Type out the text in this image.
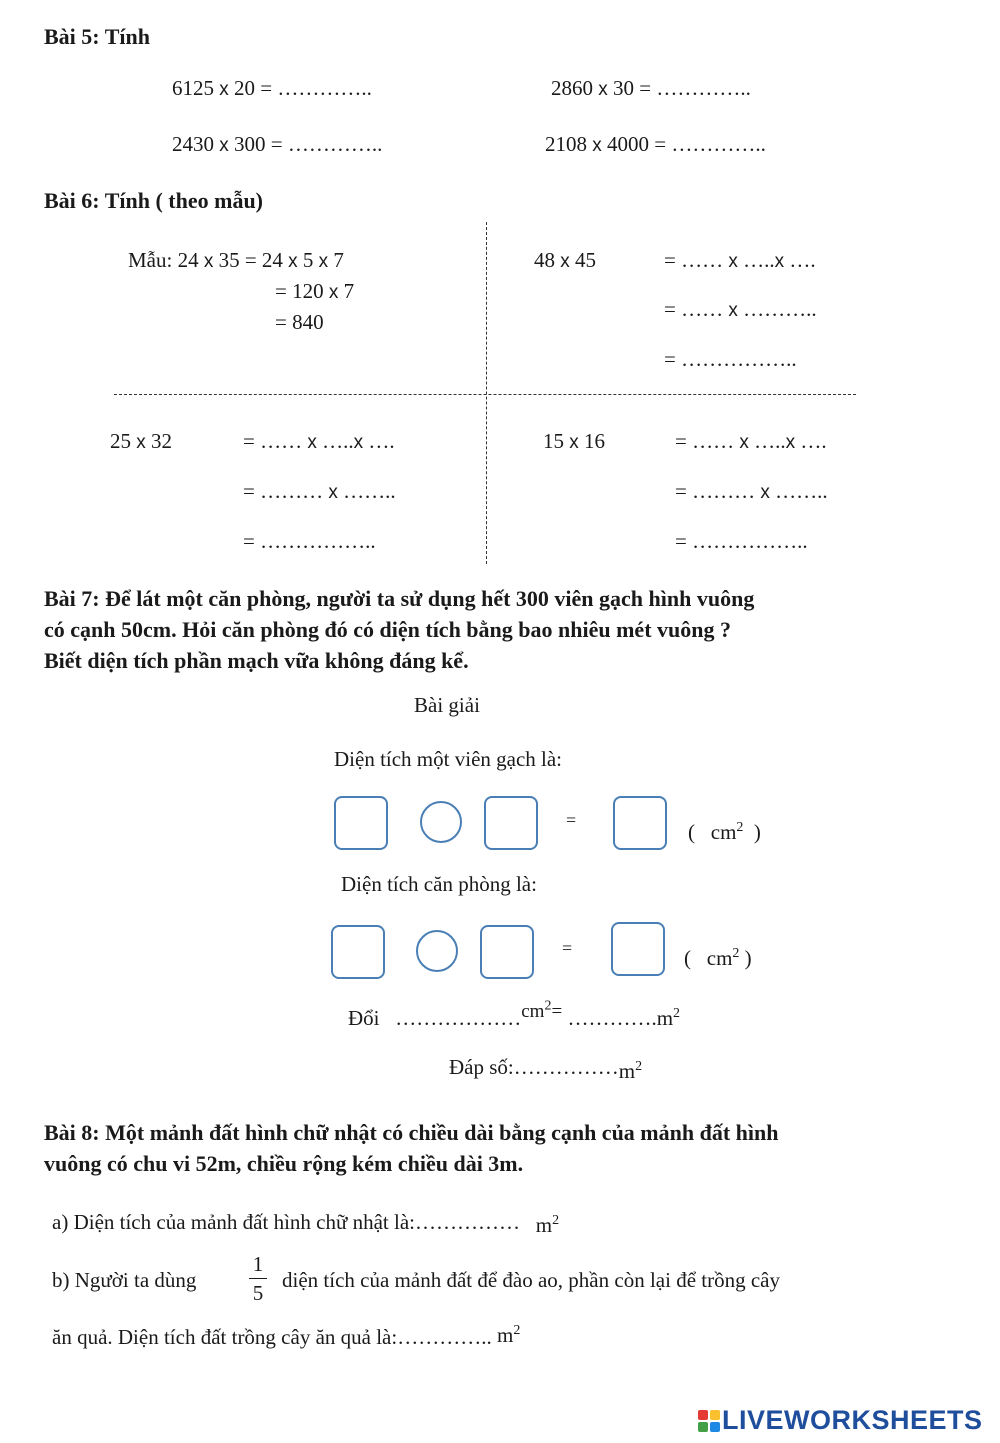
Bài 5: Tính
6125 x 20 = …………..	2860 x 30 = …………..
2430 x 300 = …………..	2108 x 4000 = …………..
Bài 6: Tính ( theo mẫu)
Mẫu: 24 x 35 = 24 x 5 x 7
= 120 x 7
= 840
48 x 45	= …… x …..x ….
= …… x ………..
= ……………..
25 x 32	= …… x …..x ….
= ……… x ……..
= ……………..
15 x 16	= …… x …..x ….
= ……… x ……..
= ……………..
Bài 7: Để lát một căn phòng, người ta sử dụng hết 300 viên gạch hình vuông
có cạnh 50cm. Hỏi căn phòng đó có diện tích bằng bao nhiêu mét vuông ?
Biết diện tích phần mạch vữa không đáng kể.
Bài giải
Diện tích một viên gạch là:
=	( $cm^2$ )
Diện tích căn phòng là:
=	( $cm^2$ )
Đổi $\dots\dots\dots\dots\dots\dots cm^2=$ $\dots\dots\dots\dots.m^2$
Đáp $số:\dots\dots\dots\dots\dots m^2$
Bài 8: Một mảnh đất hình chữ nhật có chiều dài bằng cạnh của mảnh đất hình
vuông có chu vi 52m, chiều rộng kém chiều dài 3m.
a) Diện tích của mảnh đất hình chữ nhật là:…………… $m^2$
b) Người ta dùng
1
5
diện tích của mảnh đất để đào ao, phần còn lại để trồng cây
ăn quả. Diện tích đất trồng cây ăn quả là:………….. $m^2$
LIVEWORKSHEETS
